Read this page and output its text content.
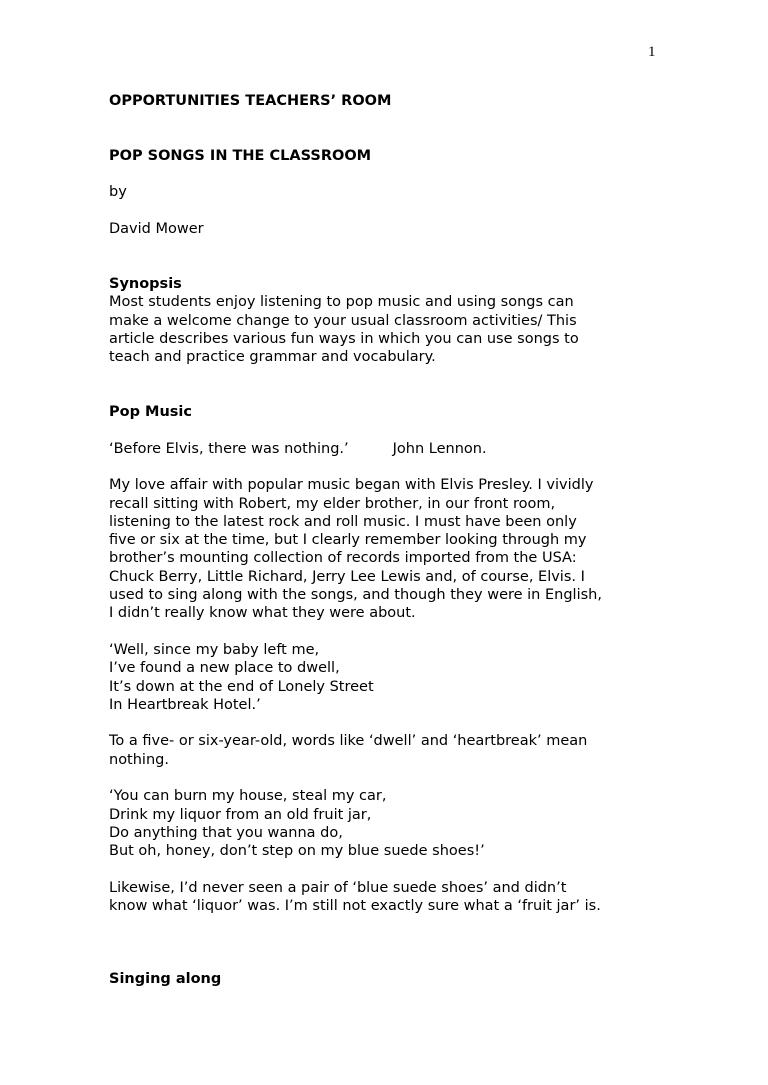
1
OPPORTUNITIES TEACHERS’ ROOM
POP SONGS IN THE CLASSROOM
by
David Mower
Synopsis
Most students enjoy listening to pop music and using songs can
make a welcome change to your usual classroom activities/ This
article describes various fun ways in which you can use songs to
teach and practice grammar and vocabulary.
Pop Music
‘Before Elvis, there was nothing.’	John Lennon.
My love affair with popular music began with Elvis Presley. I vividly
recall sitting with Robert, my elder brother, in our front room,
listening to the latest rock and roll music. I must have been only
five or six at the time, but I clearly remember looking through my
brother’s mounting collection of records imported from the USA:
Chuck Berry, Little Richard, Jerry Lee Lewis and, of course, Elvis. I
used to sing along with the songs, and though they were in English,
I didn’t really know what they were about.
‘Well, since my baby left me,
I’ve found a new place to dwell,
It’s down at the end of Lonely Street
In Heartbreak Hotel.’
To a five- or six-year-old, words like ‘dwell’ and ‘heartbreak’ mean
nothing.
‘You can burn my house, steal my car,
Drink my liquor from an old fruit jar,
Do anything that you wanna do,
But oh, honey, don’t step on my blue suede shoes!’
Likewise, I’d never seen a pair of ‘blue suede shoes’ and didn’t
know what ‘liquor’ was. I’m still not exactly sure what a ‘fruit jar’ is.
Singing along
